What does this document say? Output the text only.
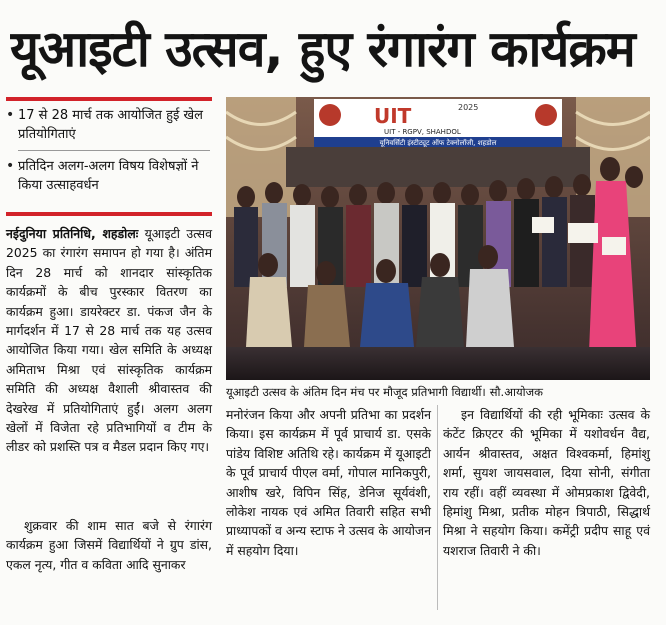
यूआइटी उत्सव, हुए रंगारंग कार्यक्रम
• 17 से 28 मार्च तक आयोजित हुई खेल प्रतियोगिताएं
• प्रतिदिन अलग-अलग विषय विशेषज्ञों ने किया उत्साहवर्धन
UIT	2025
UIT - RGPV, SHAHDOL
यूनिवर्सिटी इंस्टीट्यूट ऑफ टेक्नोलॉजी, शहडोल
यूआइटी उत्सव के अंतिम दिन मंच पर मौजूद प्रतिभागी विद्यार्थी। सौ.आयोजक

नईदुनिया प्रतिनिधि, शहडोलः यूआइटी उत्सव 2025 का रंगारंग समापन हो गया है। अंतिम दिन 28 मार्च को शानदार सांस्कृतिक कार्यक्रमों के बीच पुरस्कार वितरण का कार्यक्रम हुआ। डायरेक्टर डा. पंकज जैन के मार्गदर्शन में 17 से 28 मार्च तक यह उत्सव आयोजित किया गया। खेल समिति के अध्यक्ष अमिताभ मिश्रा एवं सांस्कृतिक कार्यक्रम समिति की अध्यक्ष वैशाली श्रीवास्तव की देखरेख में प्रतियोगिताएं हुईं। अलग अलग खेलों में विजेता रहे प्रतिभागियों व टीम के लीडर को प्रशस्ति पत्र व मैडल प्रदान किए गए।

शुक्रवार की शाम सात बजे से रंगारंग कार्यक्रम हुआ जिसमें विद्यार्थियों ने ग्रुप डांस, एकल नृत्य, गीत व कविता आदि सुनाकर

मनोरंजन किया और अपनी प्रतिभा का प्रदर्शन किया। इस कार्यक्रम में पूर्व प्राचार्य डा. एसके पांडेय विशिष्ट अतिथि रहे। कार्यक्रम में यूआइटी के पूर्व प्राचार्य पीएल वर्मा, गोपाल मानिकपुरी, आशीष खरे, विपिन सिंह, डेनिज सूर्यवंशी, लोकेश नायक एवं अमित तिवारी सहित सभी प्राध्यापकों व अन्य स्टाफ ने उत्सव के आयोजन में सहयोग दिया।

इन विद्यार्थियों की रही भूमिकाः उत्सव के कंटेंट क्रिएटर की भूमिका में यशोवर्धन वैद्य, आर्यन श्रीवास्तव, अक्षत विश्वकर्मा, हिमांशु शर्मा, सुयश जायसवाल, दिया सोनी, संगीता राय रहीं। वहीं व्यवस्था में ओमप्रकाश द्विवेदी, हिमांशु मिश्रा, प्रतीक मोहन त्रिपाठी, सिद्धार्थ मिश्रा ने सहयोग किया। कमेंट्री प्रदीप साहू एवं यशराज तिवारी ने की।
